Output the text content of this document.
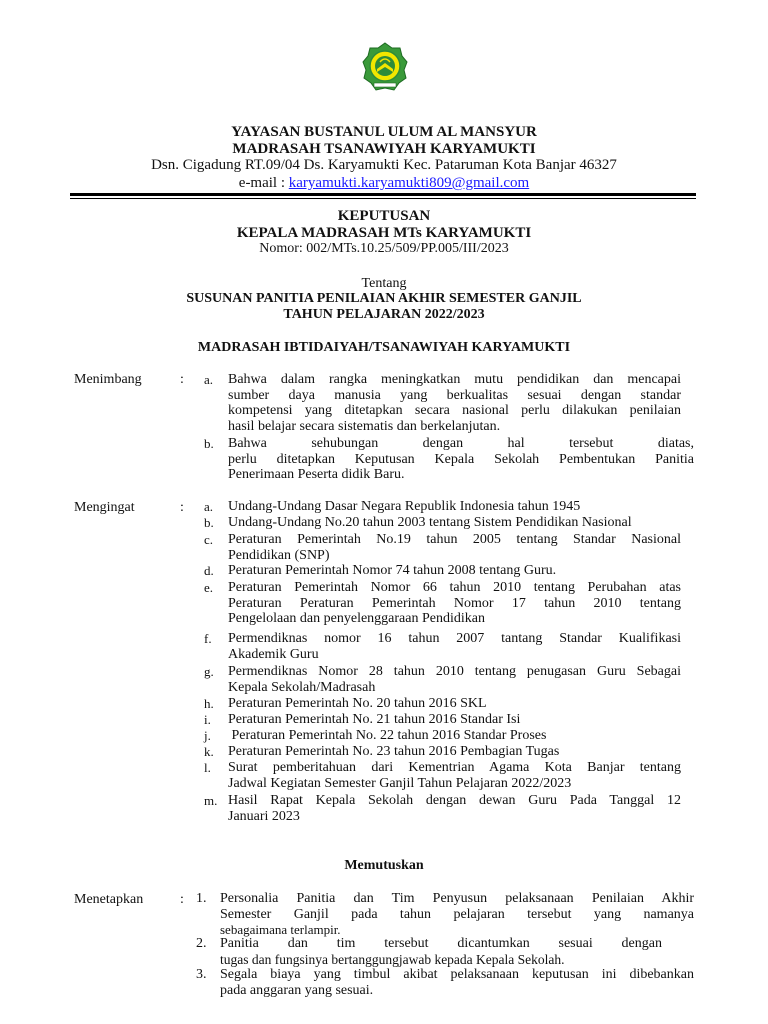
YAYASAN BUSTANUL ULUM AL MANSYUR
MADRASAH TSANAWIYAH KARYAMUKTI
Dsn. Cigadung RT.09/04 Ds. Karyamukti Kec. Pataruman Kota Banjar 46327
e-mail : karyamukti.karyamukti809@gmail.com
KEPUTUSAN
KEPALA MADRASAH MTs KARYAMUKTI
Nomor: 002/MTs.10.25/509/PP.005/III/2023
Tentang
SUSUNAN PANITIA PENILAIAN AKHIR SEMESTER GANJIL
TAHUN PELAJARAN 2022/2023
MADRASAH IBTIDAIYAH/TSANAWIYAH KARYAMUKTI
Menimbang	: a. Bahwa dalam rangka meningkatkan mutu pendidikan dan mencapai
sumber daya manusia yang berkualitas sesuai dengan standar
kompetensi yang ditetapkan secara nasional perlu dilakukan penilaian
hasil belajar secara sistematis dan berkelanjutan.
b. Bahwa sehubungan dengan hal tersebut diatas,
perlu ditetapkan Keputusan Kepala Sekolah Pembentukan Panitia
Penerimaan Peserta didik Baru.
Mengingat	: a. Undang-Undang Dasar Negara Republik Indonesia tahun 1945
b. Undang-Undang No.20 tahun 2003 tentang Sistem Pendidikan Nasional
c. Peraturan Pemerintah No.19 tahun 2005 tentang Standar Nasional
Pendidikan (SNP)
d. Peraturan Pemerintah Nomor 74 tahun 2008 tentang Guru.
e. Peraturan Pemerintah Nomor 66 tahun 2010 tentang Perubahan atas
Peraturan Peraturan Pemerintah Nomor 17 tahun 2010 tentang
Pengelolaan dan penyelenggaraan Pendidikan
f. Permendiknas nomor 16 tahun 2007 tantang Standar Kualifikasi
Akademik Guru
g. Permendiknas Nomor 28 tahun 2010 tentang penugasan Guru Sebagai
Kepala Sekolah/Madrasah
h. Peraturan Pemerintah No. 20 tahun 2016 SKL
i. Peraturan Pemerintah No. 21 tahun 2016 Standar Isi
j. Peraturan Pemerintah No. 22 tahun 2016 Standar Proses
k. Peraturan Pemerintah No. 23 tahun 2016 Pembagian Tugas
l. Surat pemberitahuan dari Kementrian Agama Kota Banjar tentang
Jadwal Kegiatan Semester Ganjil Tahun Pelajaran 2022/2023
m. Hasil Rapat Kepala Sekolah dengan dewan Guru Pada Tanggal 12
Januari 2023
Memutuskan
Menetapkan	: 1. Personalia Panitia dan Tim Penyusun pelaksanaan Penilaian Akhir
Semester Ganjil pada tahun pelajaran tersebut yang namanya
sebagaimana terlampir.
2. Panitia dan tim tersebut dicantumkan sesuai dengan
tugas dan fungsinya bertanggungjawab kepada Kepala Sekolah.
3. Segala biaya yang timbul akibat pelaksanaan keputusan ini dibebankan
pada anggaran yang sesuai.
